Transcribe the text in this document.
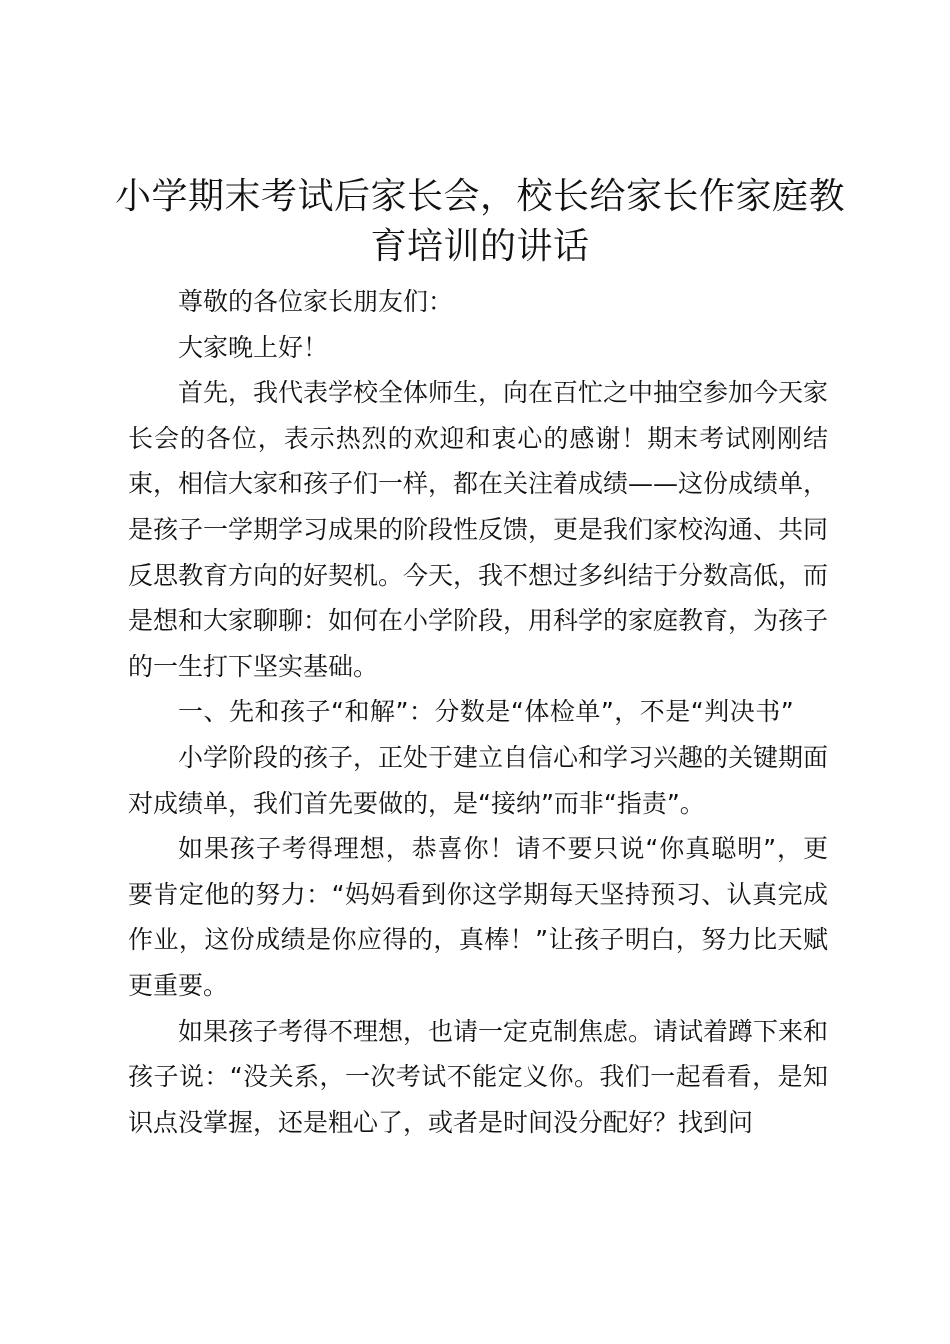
小学期末考试后家长会，校长给家长作家庭教育培训的讲话

尊敬的各位家长朋友们：

大家晚上好！

首先，我代表学校全体师生，向在百忙之中抽空参加今天家长会的各位，表示热烈的欢迎和衷心的感谢！期末考试刚刚结束，相信大家和孩子们一样，都在关注着成绩——这份成绩单，是孩子一学期学习成果的阶段性反馈，更是我们家校沟通、共同反思教育方向的好契机。今天，我不想过多纠结于分数高低，而是想和大家聊聊：如何在小学阶段，用科学的家庭教育，为孩子的一生打下坚实基础。

一、先和孩子“和解”：分数是“体检单”，不是“判决书”

小学阶段的孩子，正处于建立自信心和学习兴趣的关键期面对成绩单，我们首先要做的，是“接纳”而非“指责”。

如果孩子考得理想，恭喜你！请不要只说“你真聪明”，更要肯定他的努力：“妈妈看到你这学期每天坚持预习、认真完成作业，这份成绩是你应得的，真棒！”让孩子明白，努力比天赋更重要。

如果孩子考得不理想，也请一定克制焦虑。请试着蹲下来和孩子说：“没关系，一次考试不能定义你。我们一起看看，是知识点没掌握，还是粗心了，或者是时间没分配好？找到问
